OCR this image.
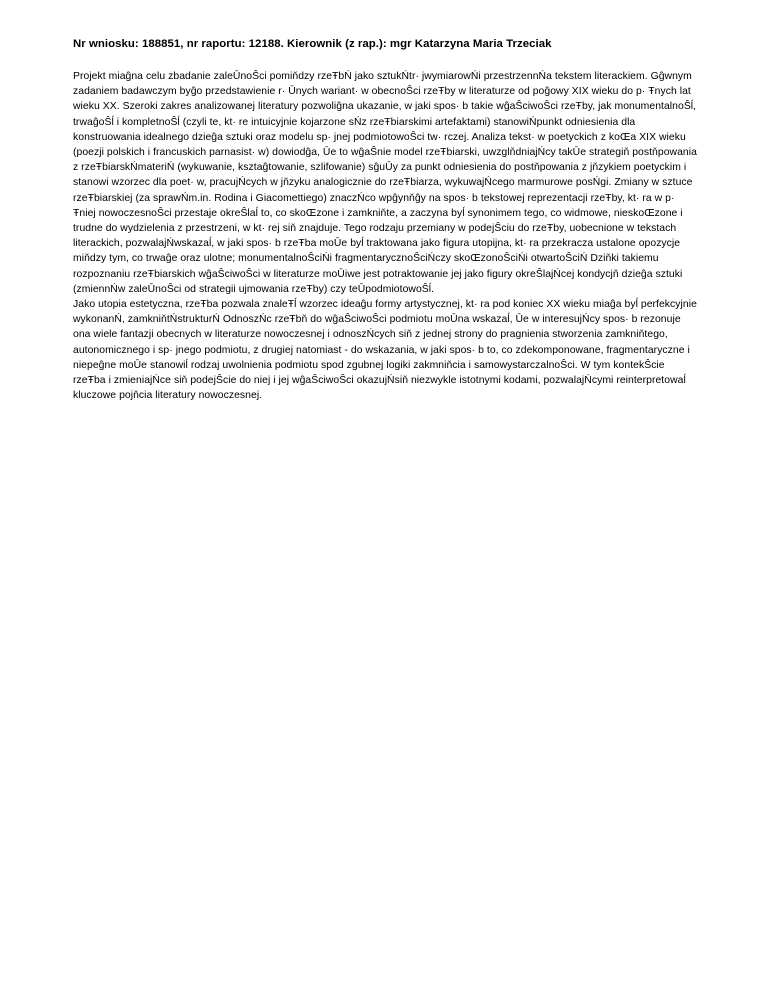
Nr wniosku: 188851, nr raportu: 12188. Kierownik (z rap.): mgr Katarzyna Maria Trzeciak

Projekt miaĝna celu zbadanie zaleŪnoŜci pomiňdzy rzeŦbŃ jako sztukŃtr· jwymiarowŃi przestrzennŃa tekstem literackiem. Gĝwnym zadaniem badawczym byĝo przedstawienie r· Ūnych wariant· w obecnoŜci rzeŦby w literaturze od poĝowy XIX wieku do p· Ŧnych lat wieku XX. Szeroki zakres analizowanej literatury pozwoliĝna ukazanie, w jaki spos· b takie wĝaŜciwoŜci rzeŦby, jak monumentalnoŜĺ, trwaĝoŜĺ i kompletnoŜĺ (czyli te, kt· re intuicyjnie kojarzone sŃz rzeŦbiarskimi artefaktami) stanowiŃpunkt odniesienia dla konstruowania idealnego dzieĝa sztuki oraz modelu sp· jnej podmiotowoŜci tw· rczej. Analiza tekst· w poetyckich z koŒa XIX wieku (poezji polskich i francuskich parnasist· w) dowiodĝa, Ūe to wĝaŜnie model rzeŦbiarski, uwzglňdniajŃcy takŪe strategiň postňpowania z rzeŦbiarskŃmateriŃ (wykuwanie, ksztaĝtowanie, szlifowanie) sĝuŪy za punkt odniesienia do postňpowania z jňzykiem poetyckim i stanowi wzorzec dla poet· w, pracujŃcych w jňzyku analogicznie do rzeŦbiarza, wykuwajŃcego marmurowe posŃgi. Zmiany w sztuce rzeŦbiarskiej (za sprawŃm.in. Rodina i Giacomettiego) znaczŃco wpĝynňĝy na spos· b tekstowej reprezentacji rzeŦby, kt· ra w p· Ŧniej nowoczesnoŜci przestaje okreŜlaĺ to, co skoŒzone i zamkniňte, a zaczyna byĺ synonimem tego, co widmowe, nieskoŒzone i trudne do wydzielenia z przestrzeni, w kt· rej siň znajduje. Tego rodzaju przemiany w podejŜciu do rzeŦby, uobecnione w tekstach literackich, pozwalajŃwskazaĺ, w jaki spos· b rzeŦba moŪe byĺ traktowana jako figura utopijna, kt· ra przekracza ustalone opozycje miňdzy tym, co trwaĝe oraz ulotne; monumentalnoŜciŃi fragmentarycznoŜciŃczy skoŒzonoŜciŃi otwartoŜciŃ Dziňki takiemu rozpoznaniu rzeŦbiarskich wĝaŜciwoŜci w literaturze moŪiwe jest potraktowanie jej jako figury okreŜlajŃcej kondycjň dzieĝa sztuki (zmiennŃw zaleŪnoŜci od strategii ujmowania rzeŦby) czy teŪpodmiotowoŜĺ.

Jako utopia estetyczna, rzeŦba pozwala znaleŦĺ wzorzec ideaĝu formy artystycznej, kt· ra pod koniec XX wieku miaĝa byĺ perfekcyjnie wykonanŃ, zamkniňtŃstrukturŃ OdnoszŃc rzeŦbň do wĝaŜciwoŜci podmiotu moŪna wskazaĺ, Ūe w interesujŃcy spos· b rezonuje ona wiele fantazji obecnych w literaturze nowoczesnej i odnoszŃcych siň z jednej strony do pragnienia stworzenia zamkniňtego, autonomicznego i sp· jnego podmiotu, z drugiej natomiast - do wskazania, w jaki spos· b to, co zdekomponowane, fragmentaryczne i niepeĝne moŪe stanowiĺ rodzaj uwolnienia podmiotu spod zgubnej logiki zakmniňcia i samowystarczalnoŜci. W tym kontekŜcie rzeŦba i zmieniajŃce siň podejŜcie do niej i jej wĝaŜciwoŜci okazujŃsiň niezwykle istotnymi kodami, pozwalajŃcymi reinterpretowaĺ kluczowe pojňcia literatury nowoczesnej.
